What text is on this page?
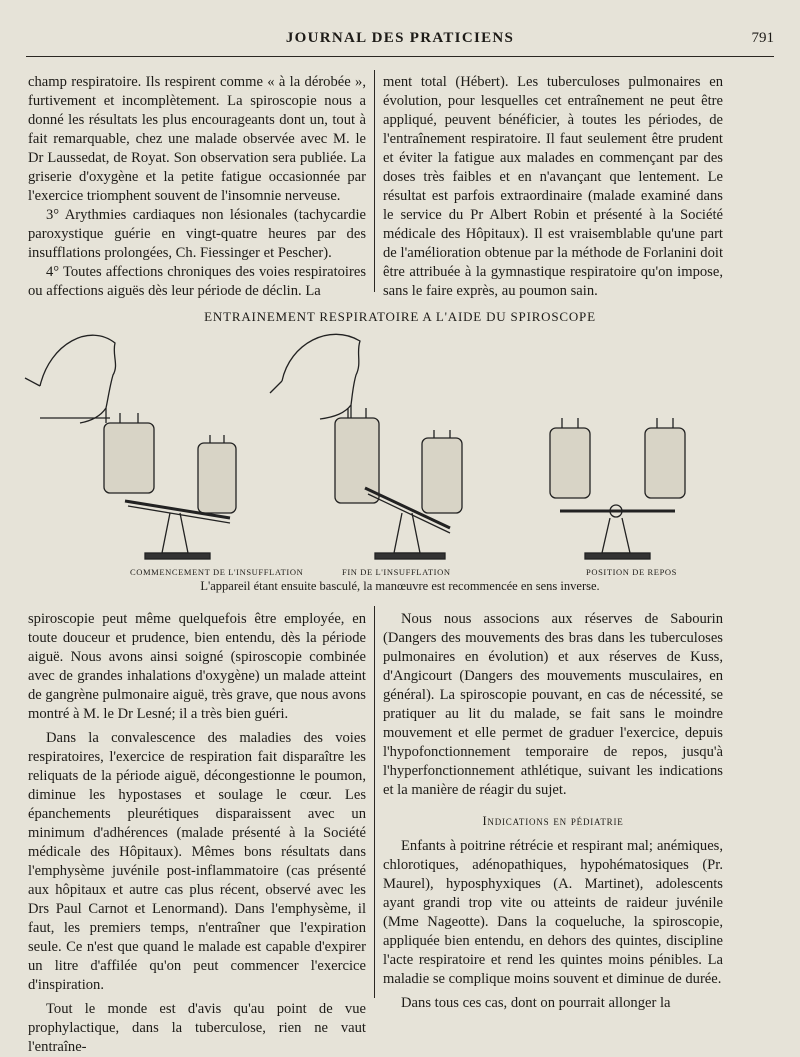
JOURNAL DES PRATICIENS	791

champ respiratoire. Ils respirent comme « à la dérobée », furtivement et incomplètement. La spiroscopie nous a donné les résultats les plus encourageants dont un, tout à fait remarquable, chez une malade observée avec M. le Dr Laussedat, de Royat. Son observation sera publiée. La griserie d'oxygène et la petite fatigue occasionnée par l'exercice triomphent souvent de l'insomnie nerveuse.

3° Arythmies cardiaques non lésionales (tachycardie paroxystique guérie en vingt-quatre heures par des insufflations prolongées, Ch. Fiessinger et Pescher).

4° Toutes affections chroniques des voies respiratoires ou affections aiguës dès leur période de déclin. La

ment total (Hébert). Les tuberculoses pulmonaires en évolution, pour lesquelles cet entraînement ne peut être appliqué, peuvent bénéficier, à toutes les périodes, de l'entraînement respiratoire. Il faut seulement être prudent et éviter la fatigue aux malades en commençant par des doses très faibles et en n'avançant que lentement. Le résultat est parfois extraordinaire (malade examiné dans le service du Pr Albert Robin et présenté à la Société médicale des Hôpitaux). Il est vraisemblable qu'une part de l'amélioration obtenue par la méthode de Forlanini doit être attribuée à la gymnastique respiratoire qu'on impose, sans le faire exprès, au poumon sain.

ENTRAINEMENT RESPIRATOIRE A L'AIDE DU SPIROSCOPE
COMMENCEMENT DE L'INSUFFLATION	FIN DE L'INSUFFLATION	POSITION DE REPOS
L'appareil étant ensuite basculé, la manœuvre est recommencée en sens inverse.

spiroscopie peut même quelquefois être employée, en toute douceur et prudence, bien entendu, dès la période aiguë. Nous avons ainsi soigné (spiroscopie combinée avec de grandes inhalations d'oxygène) un malade atteint de gangrène pulmonaire aiguë, très grave, que nous avons montré à M. le Dr Lesné; il a très bien guéri.

Dans la convalescence des maladies des voies respiratoires, l'exercice de respiration fait disparaître les reliquats de la période aiguë, décongestionne le poumon, diminue les hypostases et soulage le cœur. Les épanchements pleurétiques disparaissent avec un minimum d'adhérences (malade présenté à la Société médicale des Hôpitaux). Mêmes bons résultats dans l'emphysème juvénile post-inflammatoire (cas présenté aux hôpitaux et autre cas plus récent, observé avec les Drs Paul Carnot et Lenormand). Dans l'emphysème, il faut, les premiers temps, n'entraîner que l'expiration seule. Ce n'est que quand le malade est capable d'expirer un litre d'affilée qu'on peut commencer l'exercice d'inspiration.

Tout le monde est d'avis qu'au point de vue prophylactique, dans la tuberculose, rien ne vaut l'entraîne-

Nous nous associons aux réserves de Sabourin (Dangers des mouvements des bras dans les tuberculoses pulmonaires en évolution) et aux réserves de Kuss, d'Angicourt (Dangers des mouvements musculaires, en général). La spiroscopie pouvant, en cas de nécessité, se pratiquer au lit du malade, se fait sans le moindre mouvement et elle permet de graduer l'exercice, depuis l'hypofonctionnement temporaire de repos, jusqu'à l'hyperfonctionnement athlétique, suivant les indications et la manière de réagir du sujet.

Indications en pédiatrie

Enfants à poitrine rétrécie et respirant mal; anémiques, chlorotiques, adénopathiques, hypohématosiques (Pr. Maurel), hyposphyxiques (A. Martinet), adolescents ayant grandi trop vite ou atteints de raideur juvénile (Mme Nageotte). Dans la coqueluche, la spiroscopie, appliquée bien entendu, en dehors des quintes, discipline l'acte respiratoire et rend les quintes moins pénibles. La maladie se complique moins souvent et diminue de durée.

Dans tous ces cas, dont on pourrait allonger la
